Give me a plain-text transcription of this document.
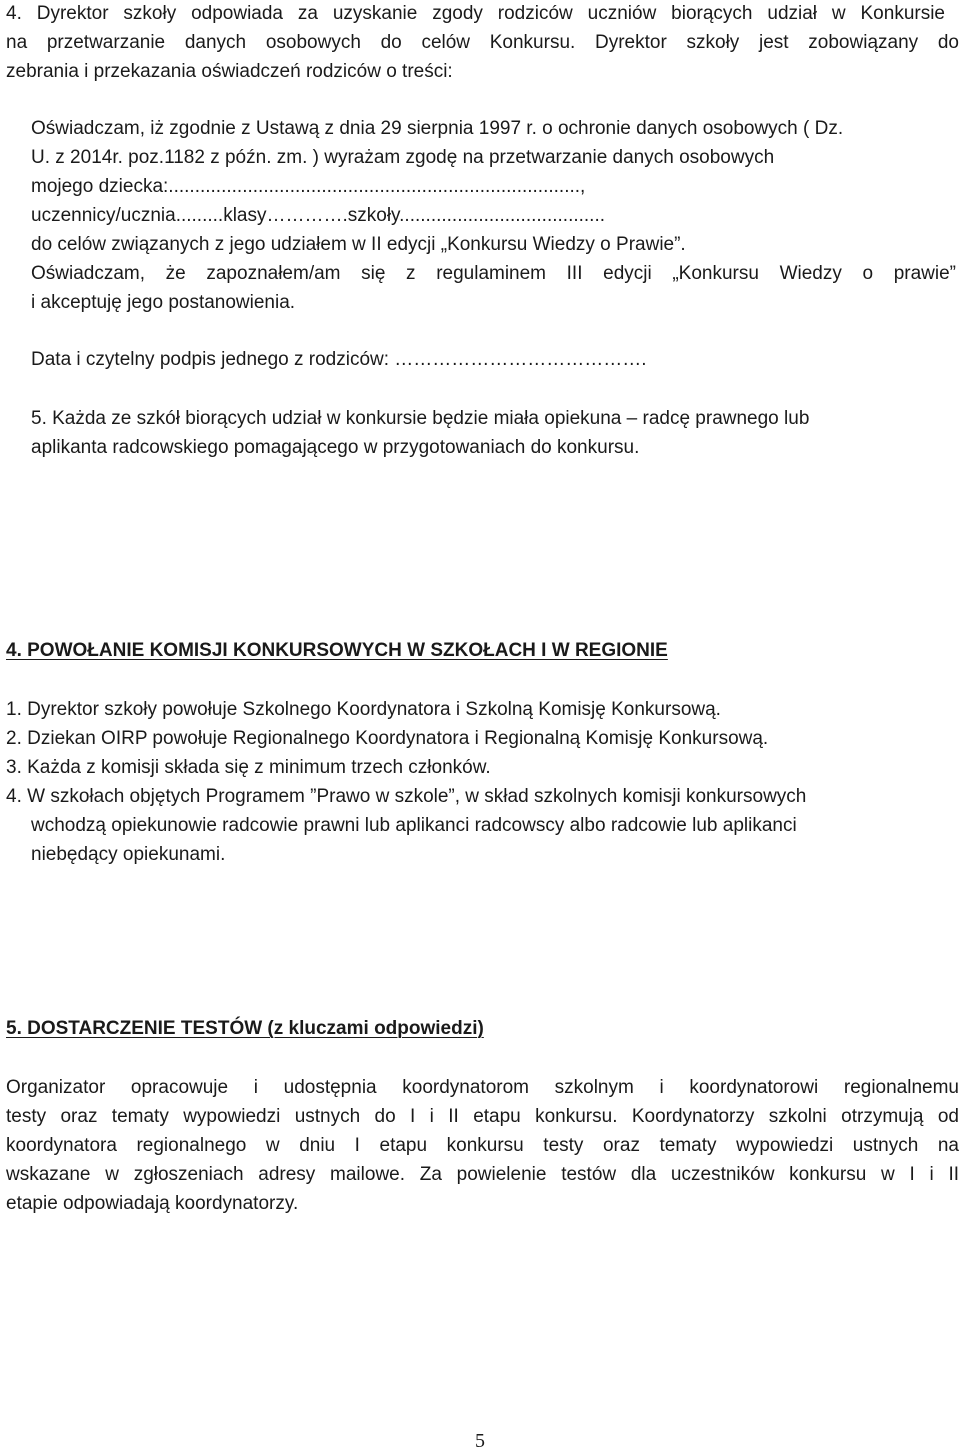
4. Dyrektor szkoły odpowiada za uzyskanie zgody rodziców uczniów biorących udział w Konkursie
na przetwarzanie danych osobowych do celów Konkursu. Dyrektor szkoły jest zobowiązany do
zebrania i przekazania oświadczeń rodziców o treści:
Oświadczam, iż zgodnie z Ustawą z dnia 29 sierpnia 1997 r. o ochronie danych osobowych ( Dz.
U. z 2014r. poz.1182 z późn. zm. ) wyrażam zgodę na przetwarzanie danych osobowych
mojego dziecka:..............................................................................,
uczennicy/ucznia.........klasy………….szkoły.......................................
do celów związanych z jego udziałem w II edycji „Konkursu Wiedzy o Prawie”.
Oświadczam, że zapoznałem/am się z regulaminem III edycji „Konkursu Wiedzy o prawie”
i akceptuję jego postanowienia.
Data i czytelny podpis jednego z rodziców: ………………………………….
5. Każda ze szkół biorących udział w konkursie będzie miała opiekuna – radcę prawnego lub
aplikanta radcowskiego pomagającego w przygotowaniach do konkursu.
4. POWOŁANIE KOMISJI KONKURSOWYCH W SZKOŁACH I W REGIONIE
1. Dyrektor szkoły powołuje Szkolnego Koordynatora i Szkolną Komisję Konkursową.
2. Dziekan OIRP powołuje Regionalnego Koordynatora i Regionalną Komisję Konkursową.
3. Każda z komisji składa się z minimum trzech członków.
4. W szkołach objętych Programem ”Prawo w szkole”, w skład szkolnych komisji konkursowych
wchodzą opiekunowie radcowie prawni lub aplikanci radcowscy albo radcowie lub aplikanci
niebędący opiekunami.
5. DOSTARCZENIE TESTÓW (z kluczami odpowiedzi)
Organizator opracowuje i udostępnia koordynatorom szkolnym i koordynatorowi regionalnemu
testy oraz tematy wypowiedzi ustnych do I i II etapu konkursu. Koordynatorzy szkolni otrzymują od
koordynatora regionalnego w dniu I etapu konkursu testy oraz tematy wypowiedzi ustnych na
wskazane w zgłoszeniach adresy mailowe. Za powielenie testów dla uczestników konkursu w I i II
etapie odpowiadają koordynatorzy.
5
